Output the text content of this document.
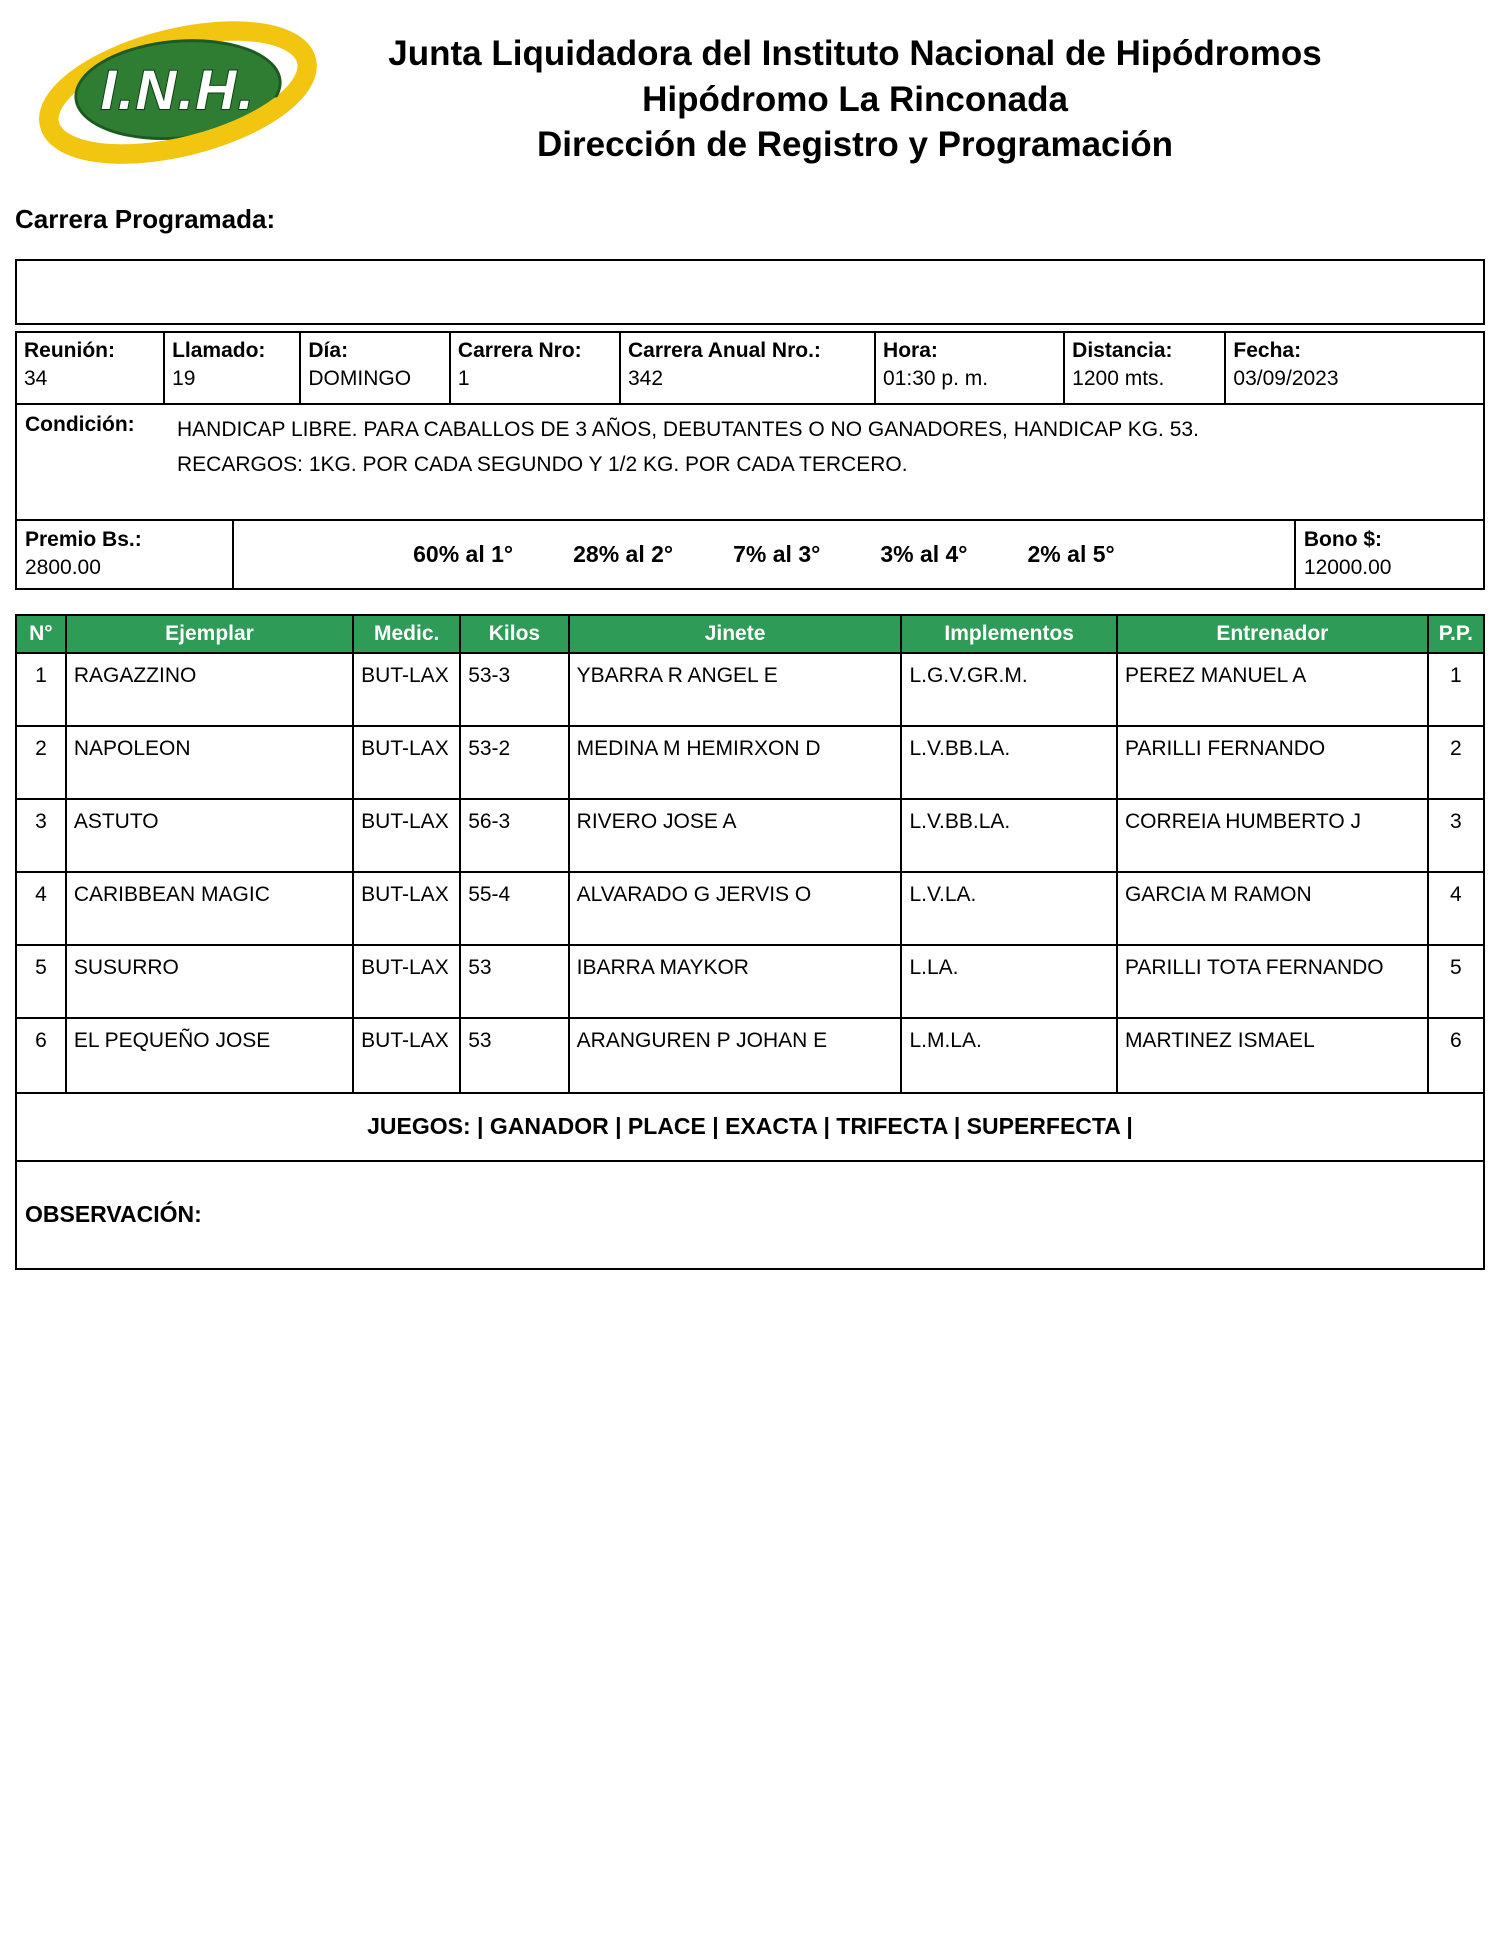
I.N.H.
Junta Liquidadora del Instituto Nacional de Hipódromos
Hipódromo La Rinconada
Dirección de Registro y Programación
Carrera Programada:
Reunión:
34
Llamado:
19
Día:
DOMINGO
Carrera Nro:
1
Carrera Anual Nro.:
342
Hora:
01:30 p. m.
Distancia:
1200 mts.
Fecha:
03/09/2023
Condición:	HANDICAP LIBRE. PARA CABALLOS DE 3 AÑOS, DEBUTANTES O NO GANADORES, HANDICAP KG. 53. RECARGOS: 1KG. POR CADA SEGUNDO Y 1/2 KG. POR CADA TERCERO.
Premio Bs.:
2800.00
60% al 1°	28% al 2°	7% al 3°	3% al 4°	2% al 5°
Bono $:
12000.00
N°	Ejemplar	Medic.	Kilos	Jinete	Implementos	Entrenador	P.P.
1	RAGAZZINO	BUT-LAX 53-3	YBARRA R ANGEL E	L.G.V.GR.M.	PEREZ MANUEL A	1
2	NAPOLEON	BUT-LAX 53-2	MEDINA M HEMIRXON D	L.V.BB.LA.	PARILLI FERNANDO	2
3	ASTUTO	BUT-LAX 56-3	RIVERO JOSE A	L.V.BB.LA.	CORREIA HUMBERTO J	3
4	CARIBBEAN MAGIC	BUT-LAX 55-4	ALVARADO G JERVIS O	L.V.LA.	GARCIA M RAMON	4
5	SUSURRO	BUT-LAX 53	IBARRA MAYKOR	L.LA.	PARILLI TOTA FERNANDO	5
6	EL PEQUEÑO JOSE	BUT-LAX 53	ARANGUREN P JOHAN E	L.M.LA.	MARTINEZ ISMAEL	6
JUEGOS: | GANADOR | PLACE | EXACTA | TRIFECTA | SUPERFECTA |
OBSERVACIÓN:
